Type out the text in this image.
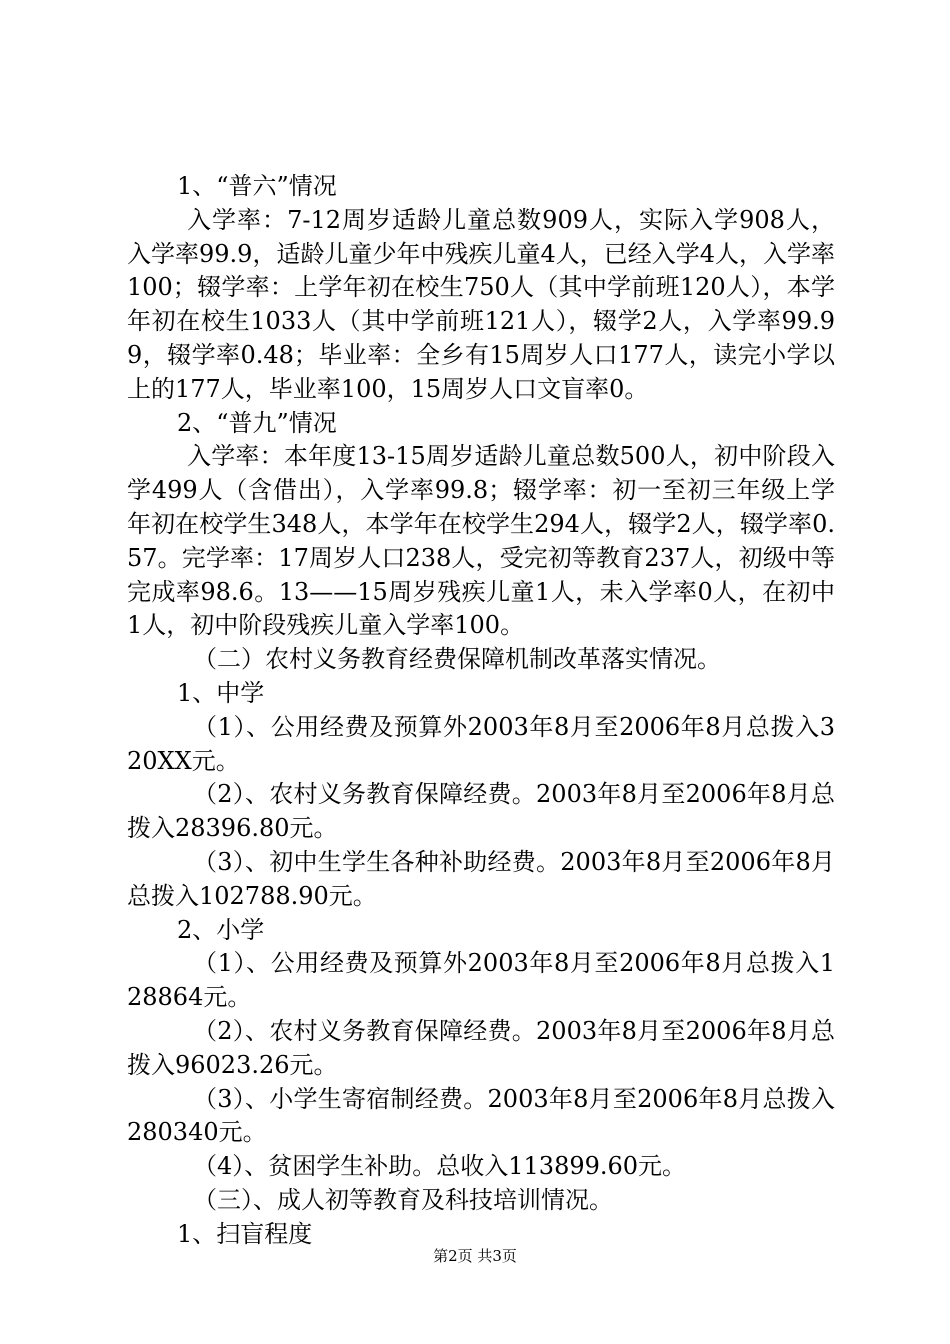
1、“普六”情况

入学率：7-12周岁适龄儿童总数909人，实际入学908人，入学率99.9，适龄儿童少年中残疾儿童4人，已经入学4人，入学率100；辍学率：上学年初在校生750人（其中学前班120人），本学年初在校生1033人（其中学前班121人），辍学2人，入学率99.99，辍学率0.48；毕业率：全乡有15周岁人口177人，读完小学以上的177人，毕业率100，15周岁人口文盲率0。

2、“普九”情况

入学率：本年度13-15周岁适龄儿童总数500人，初中阶段入学499人（含借出），入学率99.8；辍学率：初一至初三年级上学年初在校学生348人，本学年在校学生294人，辍学2人，辍学率0.57。完学率：17周岁人口238人，受完初等教育237人，初级中等完成率98.6。13——15周岁残疾儿童1人，未入学率0人，在初中1人，初中阶段残疾儿童入学率100。

（二）农村义务教育经费保障机制改革落实情况。

1、中学

（1）、公用经费及预算外2003年8月至2006年8月总拨入320XX元。

（2）、农村义务教育保障经费。2003年8月至2006年8月总拨入28396.80元。

（3）、初中生学生各种补助经费。2003年8月至2006年8月总拨入102788.90元。

2、小学

（1）、公用经费及预算外2003年8月至2006年8月总拨入128864元。

（2）、农村义务教育保障经费。2003年8月至2006年8月总拨入96023.26元。

（3）、小学生寄宿制经费。2003年8月至2006年8月总拨入280340元。

（4）、贫困学生补助。总收入113899.60元。

（三）、成人初等教育及科技培训情况。

1、扫盲程度

第2页 共3页
